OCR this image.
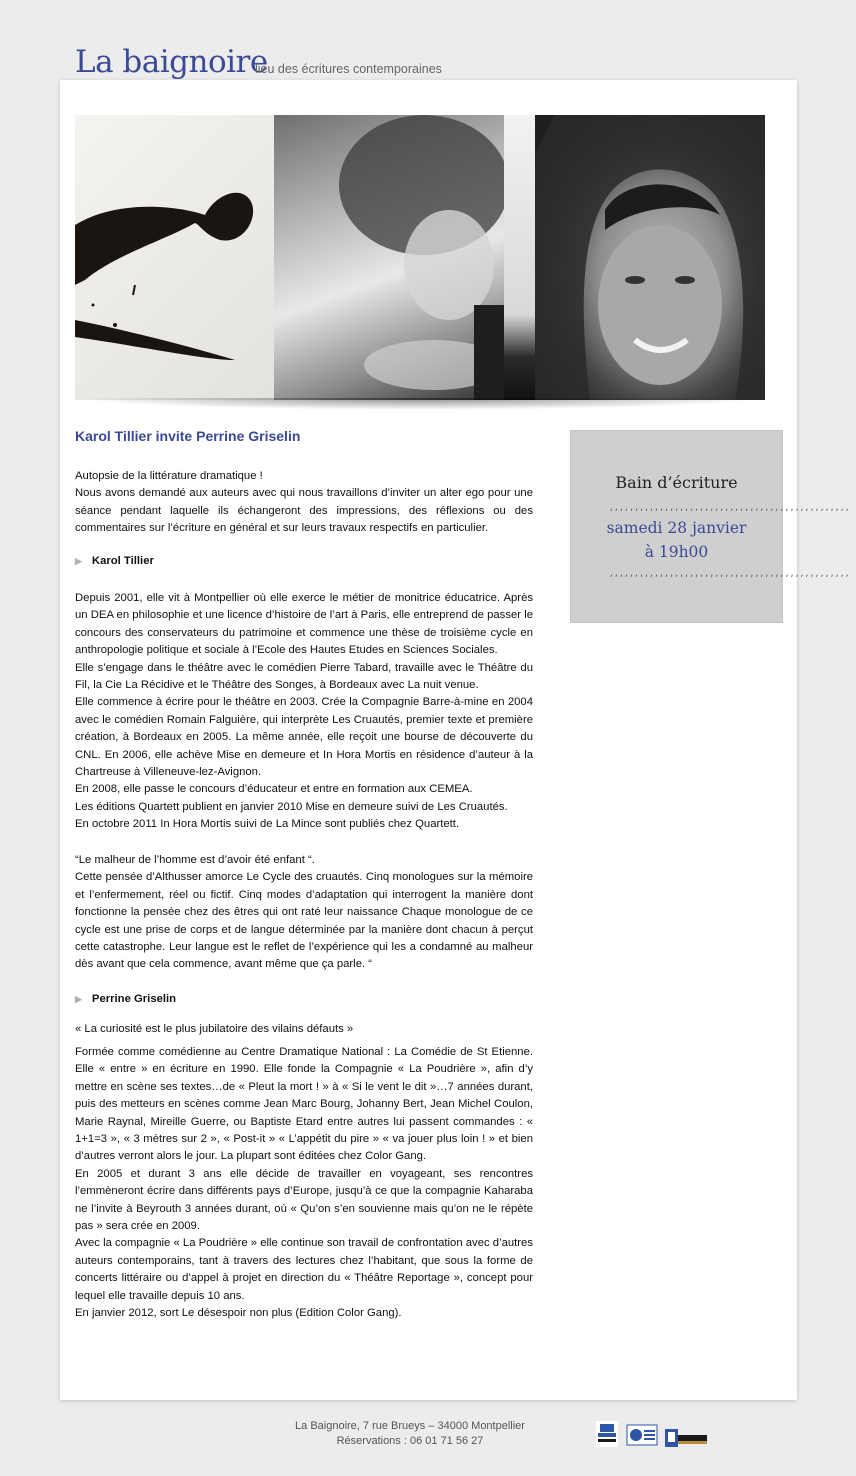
La baignoire
lieu des écritures contemporaines
Karol Tillier invite Perrine Griselin

Autopsie de la littérature dramatique !

Nous avons demandé aux auteurs avec qui nous travaillons d’inviter un alter ego pour une séance pendant laquelle ils échangeront des impressions, des réflexions ou des commentaires sur l’écriture en général et sur leurs travaux respectifs en particulier.

▶ Karol Tillier

Depuis 2001, elle vit à Montpellier où elle exerce le métier de monitrice éducatrice. Après un DEA en philosophie et une licence d’histoire de l’art à Paris, elle entreprend de passer le concours des conservateurs du patrimoine et commence une thèse de troisième cycle en anthropologie politique et sociale à l’Ecole des Hautes Etudes en Sciences Sociales.

Elle s’engage dans le théâtre avec le comédien Pierre Tabard, travaille avec le Théâtre du Fil, la Cie La Récidive et le Théâtre des Songes, à Bordeaux avec La nuit venue.

Elle commence à écrire pour le théâtre en 2003. Crée la Compagnie Barre-à-mine en 2004 avec le comédien Romain Falguière, qui interprète Les Cruautés, premier texte et première création, à Bordeaux en 2005. La même année, elle reçoit une bourse de découverte du CNL. En 2006, elle achève Mise en demeure et In Hora Mortis en résidence d’auteur à la Chartreuse à Villeneuve-lez-Avignon.

En 2008, elle passe le concours d’éducateur et entre en formation aux CEMEA.

Les éditions Quartett publient en janvier 2010 Mise en demeure suivi de Les Cruautés.

En octobre 2011 In Hora Mortis suivi de La Mince sont publiés chez Quartett.

“Le malheur de l’homme est d’avoir été enfant “.

Cette pensée d’Althusser amorce Le Cycle des cruautés. Cinq monologues sur la mémoire et l’enfermement, réel ou fictif. Cinq modes d’adaptation qui interrogent la manière dont fonctionne la pensée chez des êtres qui ont raté leur naissance Chaque monologue de ce cycle est une prise de corps et de langue déterminée par la manière dont chacun à perçut cette catastrophe. Leur langue est le reflet de l’expérience qui les a condamné au malheur dès avant que cela commence, avant même que ça parle. “

▶ Perrine Griselin

« La curiosité est le plus jubilatoire des vilains défauts »

Formée comme comédienne au Centre Dramatique National : La Comédie de St Etienne. Elle « entre » en écriture en 1990. Elle fonde la Compagnie « La Poudrière », afin d’y mettre en scène ses textes…de « Pleut la mort ! » à « Si le vent le dit »…7 années durant, puis des metteurs en scènes comme Jean Marc Bourg, Johanny Bert, Jean Michel Coulon, Marie Raynal, Mireille Guerre, ou Baptiste Etard entre autres lui passent commandes : « 1+1=3 », « 3 mètres sur 2 », « Post-it » « L’appétit du pire » « va jouer plus loin ! » et bien d’autres verront alors le jour. La plupart sont éditées chez Color Gang.

En 2005 et durant 3 ans elle décide de travailler en voyageant, ses rencontres l’emmèneront écrire dans différents pays d’Europe, jusqu’à ce que la compagnie Kaharaba ne l’invite à Beyrouth 3 années durant, où « Qu’on s’en souvienne mais qu’on ne le répète pas » sera crée en 2009.

Avec la compagnie « La Poudrière » elle continue son travail de confrontation avec d’autres auteurs contemporains, tant à travers des lectures chez l’habitant, que sous la forme de concerts littéraire ou d’appel à projet en direction du « Théâtre Reportage », concept pour lequel elle travaille depuis 10 ans.

En janvier 2012, sort Le désespoir non plus (Edition Color Gang).

Bain d’écriture
,,,,,,,,,,,,,,,,,,,,,,,,,,,,,,,,,,,,,,,,,,,,,,,,
samedi 28 janvier
à 19h00
,,,,,,,,,,,,,,,,,,,,,,,,,,,,,,,,,,,,,,,,,,,,,,,,
La Baignoire, 7 rue Brueys – 34000 Montpellier
Réservations : 06 01 71 56 27
